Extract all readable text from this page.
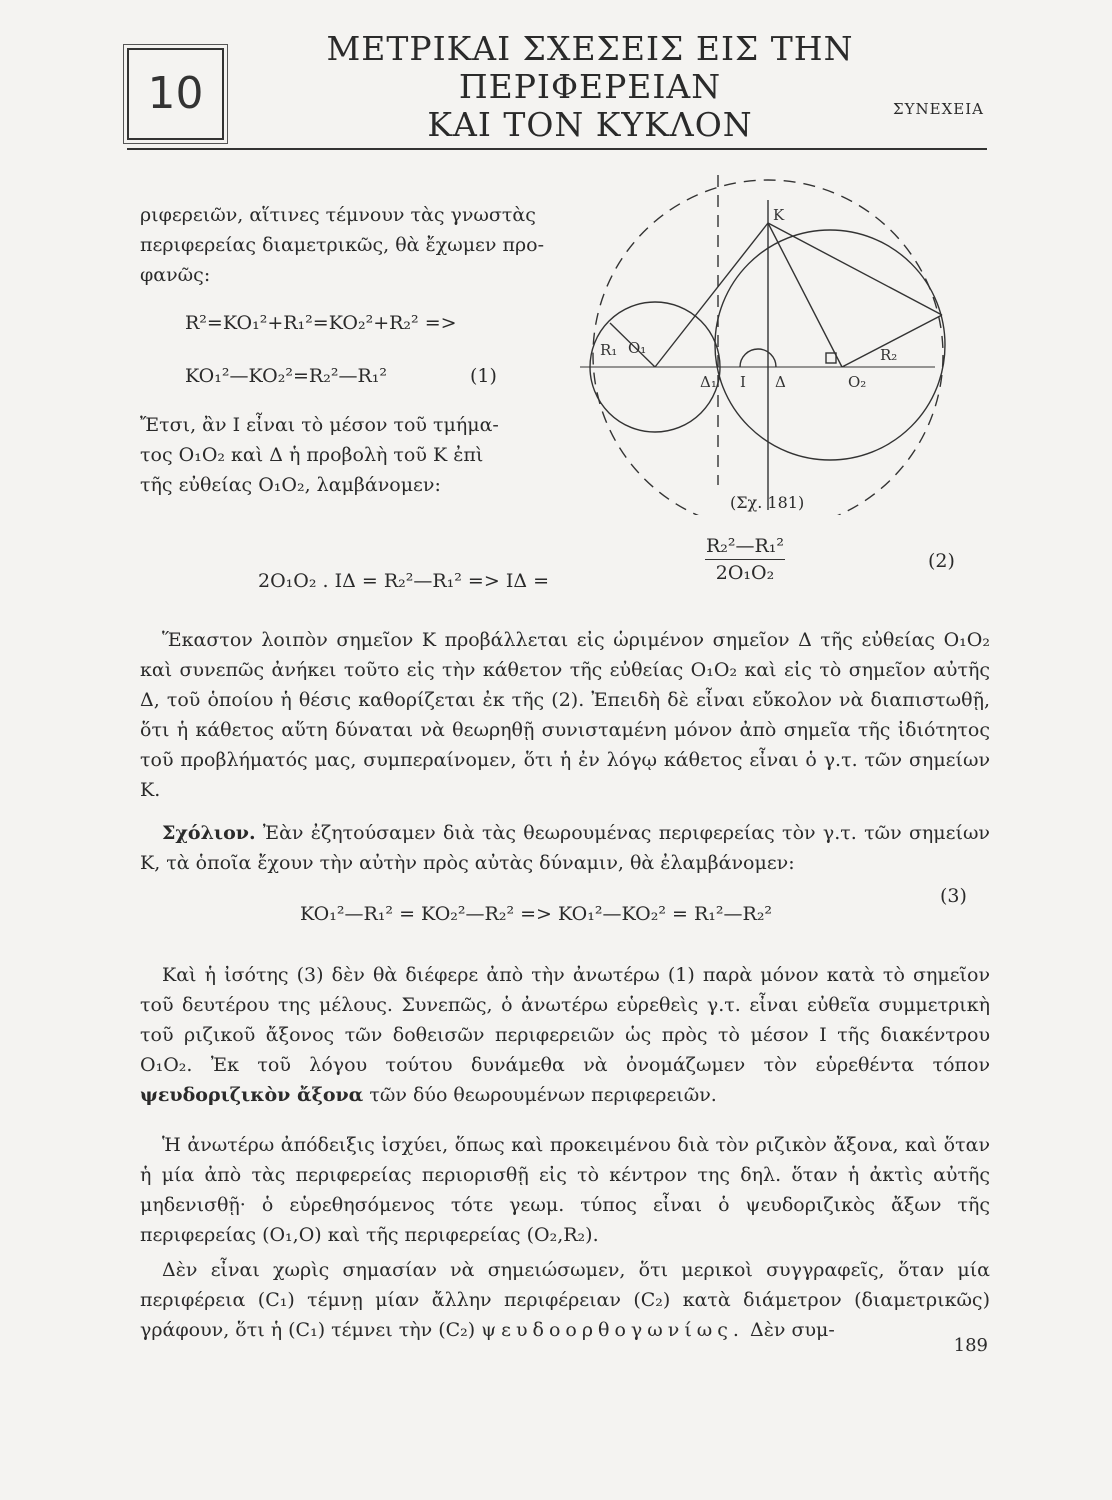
10
ΜΕΤΡΙΚΑΙ ΣΧΕΣΕΙΣ ΕΙΣ ΤΗΝ ΠΕΡΙΦΕΡΕΙΑΝ
ΚΑΙ ΤΟΝ ΚΥΚΛΟΝ	ΣΥΝΕΧΕΙΑ
ριφερειῶν, αἵτινες τέμνουν τὰς γνωστὰς
περιφερείας διαμετρικῶς, θὰ ἔχωμεν προ-
φανῶς:
R²=KO₁²+R₁²=KO₂²+R₂² =>
KO₁²—KO₂²=R₂²—R₁²	(1)
Ἔτσι, ἂν Ι εἶναι τὸ μέσον τοῦ τμήμα-
τος O₁O₂ καὶ Δ ἡ προβολὴ τοῦ Κ ἐπὶ
τῆς εὐθείας O₁O₂, λαμβάνομεν:
K
O₁
O₂
R₁	R₂
Δ₁ I Δ
(Σχ. 181)
2O₁O₂ . ΙΔ = R₂²—R₁² => ΙΔ =
R₂²—R₁²
2O₁O₂
(2)

Ἕκαστον λοιπὸν σημεῖον Κ προβάλλεται εἰς ὡριμένον σημεῖον Δ τῆς εὐθείας O₁O₂ καὶ συνεπῶς ἀνήκει τοῦτο εἰς τὴν κάθετον τῆς εὐθείας O₁O₂ καὶ εἰς τὸ σημεῖον αὐτῆς Δ, τοῦ ὁποίου ἡ θέσις καθορίζεται ἐκ τῆς (2). Ἐπειδὴ δὲ εἶναι εὔκολον νὰ διαπιστωθῇ, ὅτι ἡ κάθετος αὕτη δύναται νὰ θεωρηθῇ συνισταμένη μόνον ἀπὸ σημεῖα τῆς ἰδιότητος τοῦ προβλήματός μας, συμπεραίνομεν, ὅτι ἡ ἐν λόγῳ κάθετος εἶναι ὁ γ.τ. τῶν σημείων Κ.

Σχόλιον. Ἐὰν ἐζητούσαμεν διὰ τὰς θεωρουμένας περιφερείας τὸν γ.τ. τῶν σημείων Κ, τὰ ὁποῖα ἔχουν τὴν αὐτὴν πρὸς αὐτὰς δύναμιν, θὰ ἐλαμβάνομεν:

KO₁²—R₁² = KO₂²—R₂² => KO₁²—KO₂² = R₁²—R₂²
(3)

Καὶ ἡ ἰσότης (3) δὲν θὰ διέφερε ἀπὸ τὴν ἀνωτέρω (1) παρὰ μόνον κατὰ τὸ σημεῖον τοῦ δευτέρου της μέλους. Συνεπῶς, ὁ ἀνωτέρω εὑρεθεὶς γ.τ. εἶναι εὐθεῖα συμμετρικὴ τοῦ ριζικοῦ ἄξονος τῶν δοθεισῶν περιφερειῶν ὡς πρὸς τὸ μέσον Ι τῆς διακέντρου O₁O₂. Ἐκ τοῦ λόγου τούτου δυνάμεθα νὰ ὀνομάζωμεν τὸν εὑρεθέντα τόπον ψευδοριζικὸν ἄξονα τῶν δύο θεωρουμένων περιφερειῶν.

Ἡ ἀνωτέρω ἀπόδειξις ἰσχύει, ὅπως καὶ προκειμένου διὰ τὸν ριζικὸν ἄξονα, καὶ ὅταν ἡ μία ἀπὸ τὰς περιφερείας περιορισθῇ εἰς τὸ κέντρον της δηλ. ὅταν ἡ ἀκτὶς αὐτῆς μηδενισθῇ· ὁ εὑρεθησόμενος τότε γεωμ. τύπος εἶναι ὁ ψευδοριζικὸς ἄξων τῆς περιφερείας (O₁,O) καὶ τῆς περιφερείας (O₂,R₂).

Δὲν εἶναι χωρὶς σημασίαν νὰ σημειώσωμεν, ὅτι μερικοὶ συγγραφεῖς, ὅταν μία περιφέρεια (C₁) τέμνῃ μίαν ἄλλην περιφέρειαν (C₂) κατὰ διάμετρον (διαμετρικῶς) γράφουν, ὅτι ἡ (C₁) τέμνει τὴν (C₂) ψευδοορθογωνίως. Δὲν συμ-

189
